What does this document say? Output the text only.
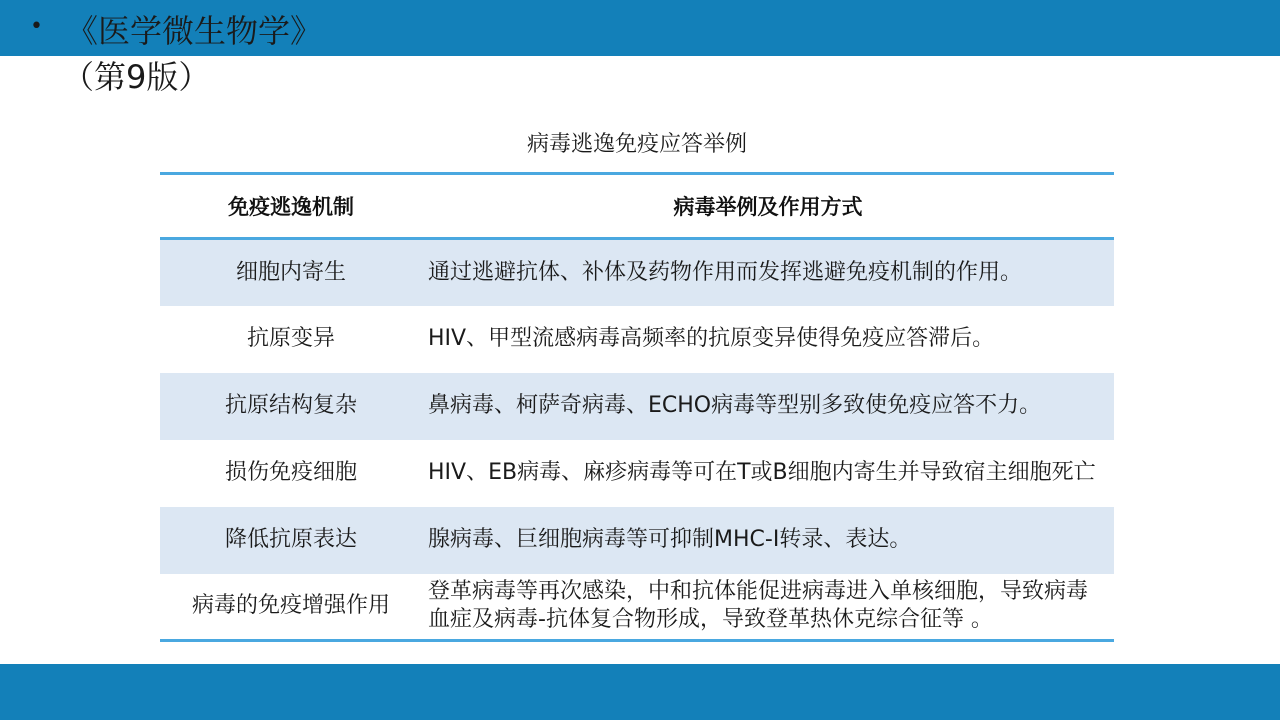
• 《医学微生物学》
（第9版）
病毒逃逸免疫应答举例
免疫逃逸机制	病毒举例及作用方式
细胞内寄生	通过逃避抗体、补体及药物作用而发挥逃避免疫机制的作用。
抗原变异	HIV、甲型流感病毒高频率的抗原变异使得免疫应答滞后。
抗原结构复杂	鼻病毒、柯萨奇病毒、ECHO病毒等型别多致使免疫应答不力。
损伤免疫细胞	HIV、EB病毒、麻疹病毒等可在T或B细胞内寄生并导致宿主细胞死亡
降低抗原表达	腺病毒、巨细胞病毒等可抑制MHC-Ⅰ转录、表达。
病毒的免疫增强作用	登革病毒等再次感染，中和抗体能促进病毒进入单核细胞，导致病毒血症及病毒-抗体复合物形成，导致登革热休克综合征等 。
